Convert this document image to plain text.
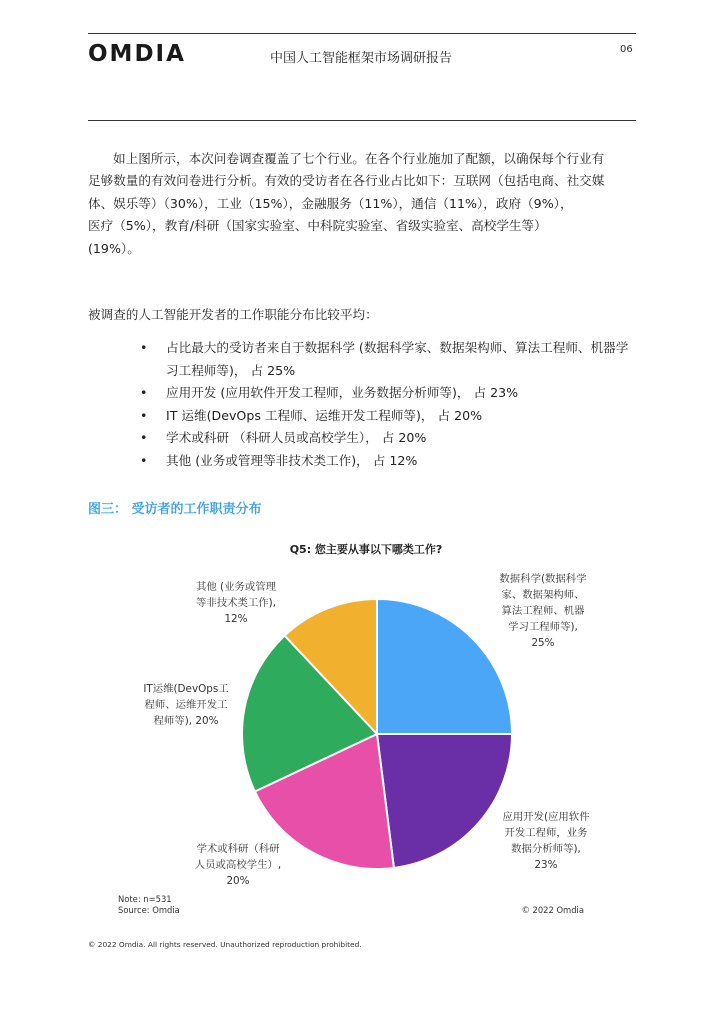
OMDIA	中国人工智能框架市场调研报告
06

如上图所示，本次问卷调查覆盖了七个行业。在各个行业施加了配额，以确保每个行业有

足够数量的有效问卷进行分析。有效的受访者在各行业占比如下：互联网（包括电商、社交媒

体、娱乐等）（30%），工业（15%），金融服务（11%），通信（11%），政府（9%），

医疗（5%），教育/科研（国家实验室、中科院实验室、省级实验室、高校学生等）

(19%）。

被调查的人工智能开发者的工作职能分布比较平均：
• 占比最大的受访者来自于数据科学 (数据科学家、数据架构师、算法工程师、机器学习工程师等)， 占 25%
• 应用开发 (应用软件开发工程师，业务数据分析师等)， 占 23%
• IT 运维(DevOps 工程师、运维开发工程师等)， 占 20%
• 学术或科研 （科研人员或高校学生）， 占 20%
• 其他 (业务或管理等非技术类工作)， 占 12%
图三： 受访者的工作职责分布
Q5: 您主要从事以下哪类工作?
数据科学(数据科学家、数据架构师、算法工程师、机器学习工程师等), 25%
应用开发(应用软件开发工程师，业务数据分析师等), 23%
学术或科研（科研人员或高校学生）, 20%
IT运维(DevOps工程师、运维开发工程师等), 20%
其他 (业务或管理等非技术类工作), 12%
Note: n=531
Source: Omdia	© 2022 Omdia
© 2022 Omdia. All rights reserved. Unauthorized reproduction prohibited.
